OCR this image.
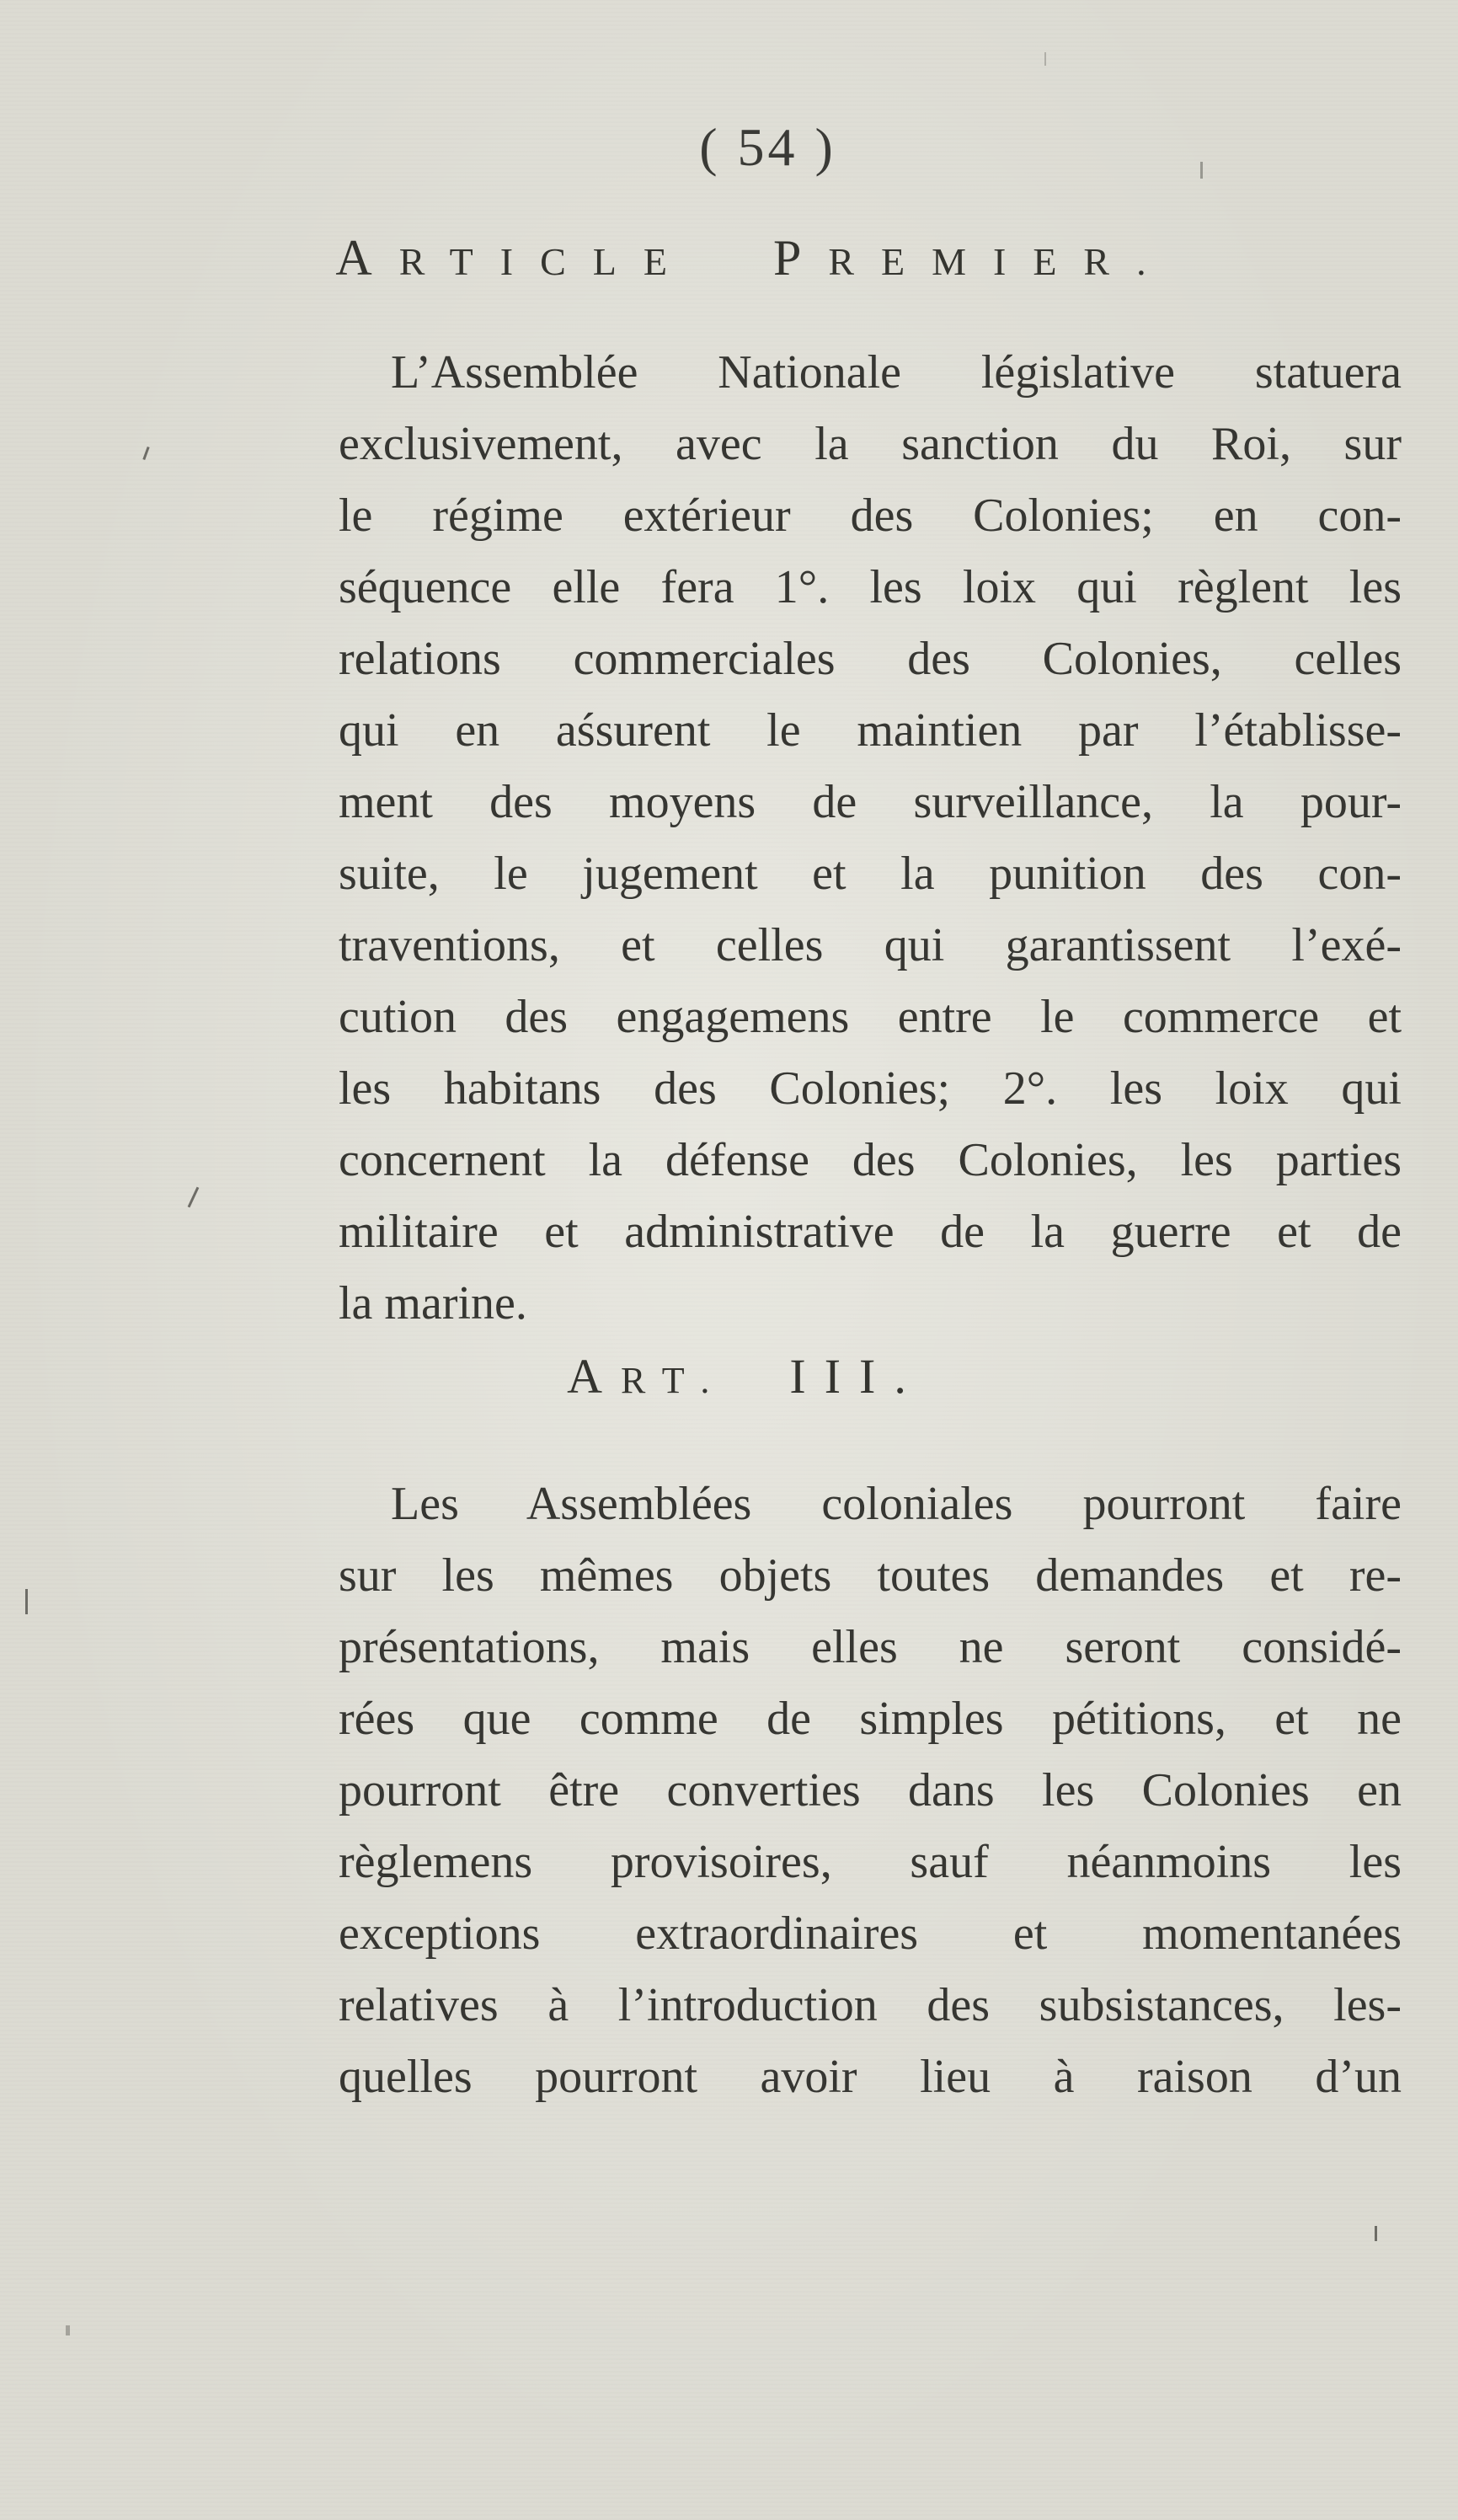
( 54 )
ARTICLE PREMIER.
L’Assemblée Nationale législative statuera
exclusivement, avec la sanction du Roi, sur
le régime extérieur des Colonies; en con-
séquence elle fera 1°. les loix qui règlent les
relations commerciales des Colonies, celles
qui en aśsurent le maintien par l’établisse-
ment des moyens de surveillance, la pour-
suite, le jugement et la punition des con-
traventions, et celles qui garantissent l’exé-
cution des engagemens entre le commerce et
les habitans des Colonies; 2°. les loix qui
concernent la défense des Colonies, les parties
militaire et administrative de la guerre et de
la marine.
ART. III.
Les Assemblées coloniales pourront faire
sur les mêmes objets toutes demandes et re-
présentations, mais elles ne seront considé-
rées que comme de simples pétitions, et ne
pourront être converties dans les Colonies en
règlemens provisoires, sauf néanmoins les
exceptions extraordinaires et momentanées
relatives à l’introduction des subsistances, les-
quelles pourront avoir lieu à raison d’un
